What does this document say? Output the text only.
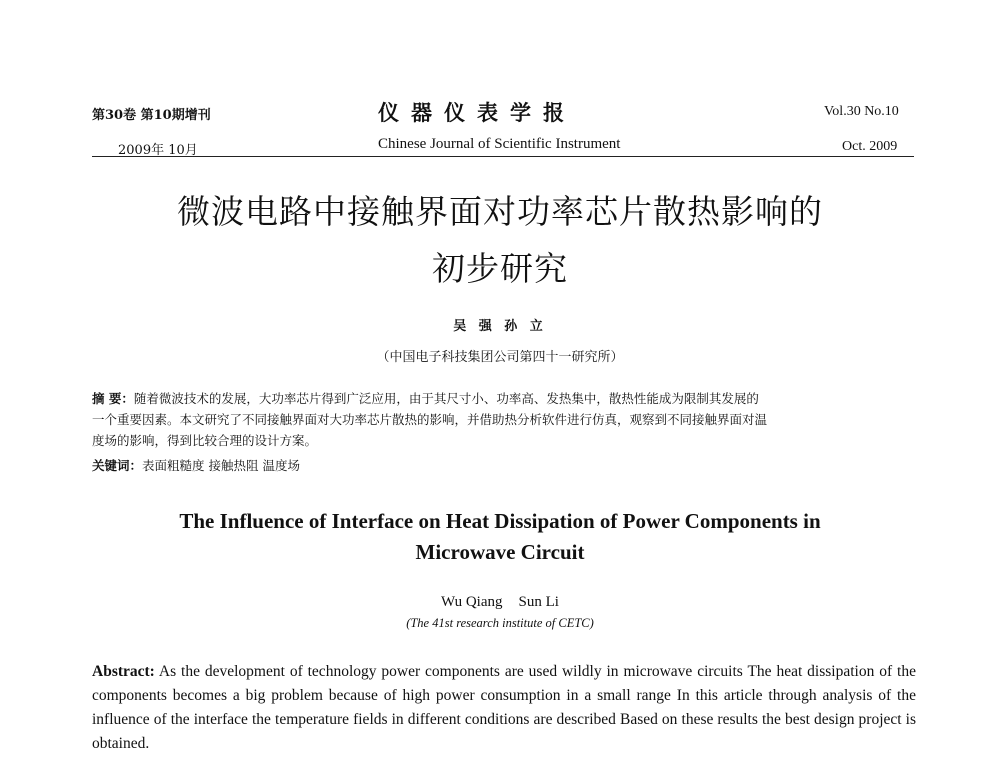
第30卷 第10期增刊
2009年 10月
仪器仪表学报
Chinese Journal of Scientific Instrument
Vol.30 No.10
Oct. 2009
微波电路中接触界面对功率芯片散热影响的
初步研究
吴 强 孙 立
（中国电子科技集团公司第四十一研究所）

摘 要：随着微波技术的发展，大功率芯片得到广泛应用，由于其尺寸小、功率高、发热集中，散热性能成为限制其发展的

一个重要因素。本文研究了不同接触界面对大功率芯片散热的影响，并借助热分析软件进行仿真，观察到不同接触界面对温

度场的影响，得到比较合理的设计方案。

关键词：表面粗糙度 接触热阻 温度场
The Influence of Interface on Heat Dissipation of Power Components in
Microwave Circuit
Wu Qiang Sun Li
(The 41st research institute of CETC)
Abstract: As the development of technology power components are used wildly in microwave circuits The heat dissipation of the components becomes a big problem because of high power consumption in a small range In this article through analysis of the influence of the interface the temperature fields in different conditions are described Based on these results the best design project is obtained.
